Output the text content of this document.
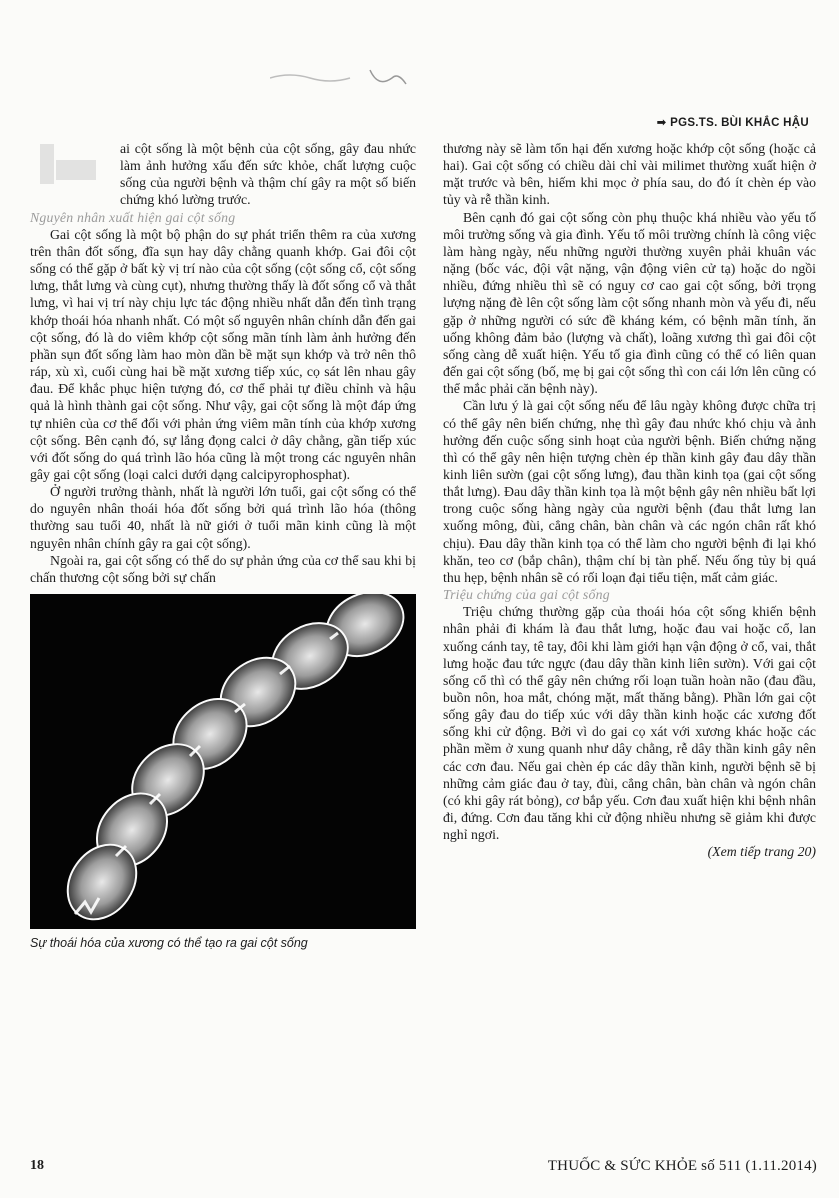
➡ PGS.TS. BÙI KHẮC HẬU

ai cột sống là một bệnh của cột sống, gây đau nhức làm ảnh hưởng xấu đến sức khỏe, chất lượng cuộc sống của người bệnh và thậm chí gây ra một số biến chứng khó lường trước.

Nguyên nhân xuất hiện gai cột sống

Gai cột sống là một bộ phận do sự phát triển thêm ra của xương trên thân đốt sống, đĩa sụn hay dây chằng quanh khớp. Gai đôi cột sống có thể gặp ở bất kỳ vị trí nào của cột sống (cột sống cổ, cột sống lưng, thắt lưng và cùng cụt), nhưng thường thấy là đốt sống cổ và thắt lưng, vì hai vị trí này chịu lực tác động nhiều nhất dẫn đến tình trạng khớp thoái hóa nhanh nhất. Có một số nguyên nhân chính dẫn đến gai cột sống, đó là do viêm khớp cột sống mãn tính làm ảnh hưởng đến phần sụn đốt sống làm hao mòn dần bề mặt sụn khớp và trở nên thô ráp, xù xì, cuối cùng hai bề mặt xương tiếp xúc, cọ sát lên nhau gây đau. Để khắc phục hiện tượng đó, cơ thể phải tự điều chỉnh và hậu quả là hình thành gai cột sống. Như vậy, gai cột sống là một đáp ứng tự nhiên của cơ thể đối với phản ứng viêm mãn tính của khớp xương cột sống. Bên cạnh đó, sự lắng đọng calci ở dây chằng, gần tiếp xúc với đốt sống do quá trình lão hóa cũng là một trong các nguyên nhân gây gai cột sống (loại calci dưới dạng calcipyrophosphat).

Ở người trưởng thành, nhất là người lớn tuổi, gai cột sống có thể do nguyên nhân thoái hóa đốt sống bởi quá trình lão hóa (thông thường sau tuổi 40, nhất là nữ giới ở tuổi mãn kinh cũng là một nguyên nhân chính gây ra gai cột sống).

Ngoài ra, gai cột sống có thể do sự phản ứng của cơ thể sau khi bị chấn thương cột sống bởi sự chấn

Sự thoái hóa của xương có thể tạo ra gai cột sống

thương này sẽ làm tổn hại đến xương hoặc khớp cột sống (hoặc cả hai). Gai cột sống có chiều dài chỉ vài milimet thường xuất hiện ở mặt trước và bên, hiếm khi mọc ở phía sau, do đó ít chèn ép vào tủy và rễ thần kinh.

Bên cạnh đó gai cột sống còn phụ thuộc khá nhiều vào yếu tố môi trường sống và gia đình. Yếu tố môi trường chính là công việc làm hàng ngày, nếu những người thường xuyên phải khuân vác nặng (bốc vác, đội vật nặng, vận động viên cử tạ) hoặc do ngồi nhiều, đứng nhiều thì sẽ có nguy cơ cao gai cột sống, bởi trọng lượng nặng đè lên cột sống làm cột sống nhanh mòn và yếu đi, nếu gặp ở những người có sức đề kháng kém, có bệnh mãn tính, ăn uống không đảm bảo (lượng và chất), loãng xương thì gai đôi cột sống càng dễ xuất hiện. Yếu tố gia đình cũng có thể có liên quan đến gai cột sống (bố, mẹ bị gai cột sống thì con cái lớn lên cũng có thể mắc phải căn bệnh này).

Cần lưu ý là gai cột sống nếu để lâu ngày không được chữa trị có thể gây nên biến chứng, nhẹ thì gây đau nhức khó chịu và ảnh hưởng đến cuộc sống sinh hoạt của người bệnh. Biến chứng nặng thì có thể gây nên hiện tượng chèn ép thần kinh gây đau dây thần kinh liên sườn (gai cột sống lưng), đau thần kinh tọa (gai cột sống thắt lưng). Đau dây thần kinh tọa là một bệnh gây nên nhiều bất lợi trong cuộc sống hàng ngày của người bệnh (đau thắt lưng lan xuống mông, đùi, cẳng chân, bàn chân và các ngón chân rất khó chịu). Đau dây thần kinh tọa có thể làm cho người bệnh đi lại khó khăn, teo cơ (bắp chân), thậm chí bị tàn phế. Nếu ống tủy bị quá thu hẹp, bệnh nhân sẽ có rối loạn đại tiểu tiện, mất cảm giác.

Triệu chứng của gai cột sống

Triệu chứng thường gặp của thoái hóa cột sống khiến bệnh nhân phải đi khám là đau thắt lưng, hoặc đau vai hoặc cổ, lan xuống cánh tay, tê tay, đôi khi làm giới hạn vận động ở cổ, vai, thắt lưng hoặc đau tức ngực (đau dây thần kinh liên sườn). Với gai cột sống cổ thì có thể gây nên chứng rối loạn tuần hoàn não (đau đầu, buồn nôn, hoa mắt, chóng mặt, mất thăng bằng). Phần lớn gai cột sống gây đau do tiếp xúc với dây thần kinh hoặc các xương đốt sống khi cử động. Bởi vì do gai cọ xát với xương khác hoặc các phần mềm ở xung quanh như dây chằng, rễ dây thần kinh gây nên các cơn đau. Nếu gai chèn ép các dây thần kinh, người bệnh sẽ bị những cảm giác đau ở tay, đùi, cẳng chân, bàn chân và ngón chân (có khi gây rát bỏng), cơ bắp yếu. Cơn đau xuất hiện khi bệnh nhân đi, đứng. Cơn đau tăng khi cử động nhiều nhưng sẽ giảm khi được nghỉ ngơi.

(Xem tiếp trang 20)

18	THUỐC & SỨC KHỎE số 511 (1.11.2014)
